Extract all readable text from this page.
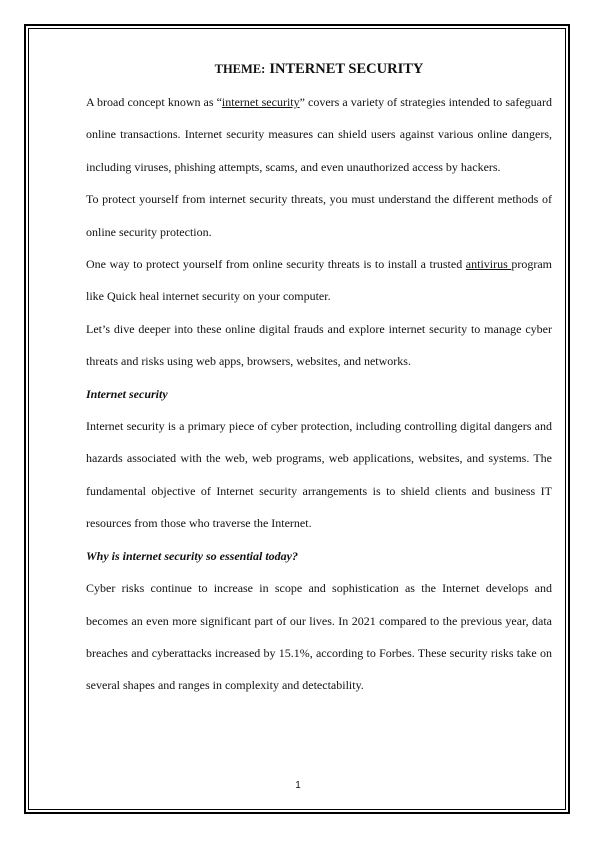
THEME: INTERNET SECURITY

A broad concept known as “internet security” covers a variety of strategies intended to safeguard online transactions. Internet security measures can shield users against various online dangers, including viruses, phishing attempts, scams, and even unauthorized access by hackers.

To protect yourself from internet security threats, you must understand the different methods of online security protection.

One way to protect yourself from online security threats is to install a trusted antivirus program like Quick heal internet security on your computer.

Let’s dive deeper into these online digital frauds and explore internet security to manage cyber threats and risks using web apps, browsers, websites, and networks.

Internet security

Internet security is a primary piece of cyber protection, including controlling digital dangers and hazards associated with the web, web programs, web applications, websites, and systems. The fundamental objective of Internet security arrangements is to shield clients and business IT resources from those who traverse the Internet.

Why is internet security so essential today?

Cyber risks continue to increase in scope and sophistication as the Internet develops and becomes an even more significant part of our lives. In 2021 compared to the previous year, data breaches and cyberattacks increased by 15.1%, according to Forbes. These security risks take on several shapes and ranges in complexity and detectability.

1
